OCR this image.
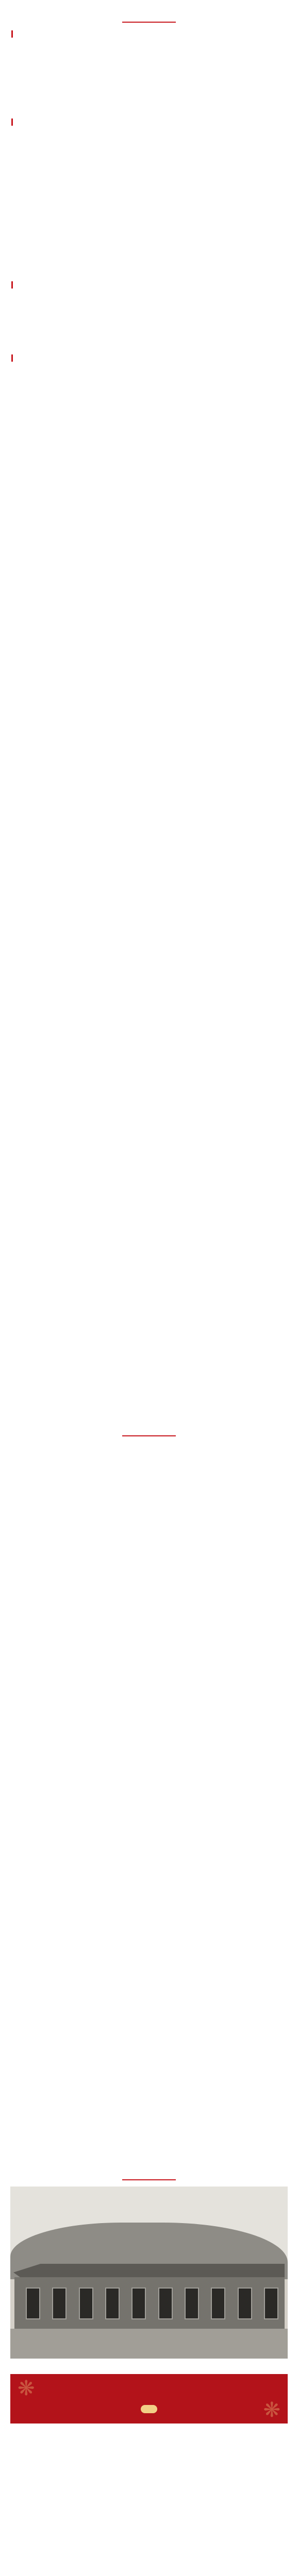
❋
❋
